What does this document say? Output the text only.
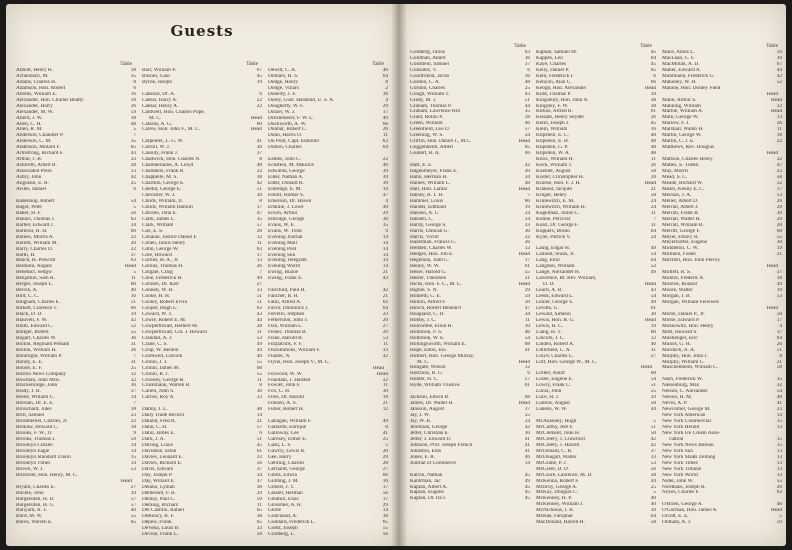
Guests
Table
Abbott, Henry H.	18
Achenbach, M.	35
Adams, Charles H.	8
Adamson, Hon. Robert	6
Ahrens, William E.	16
Alexander, Hon. Charles Beatty	18
Alexander, Harry	26
Alexander, M. W.	59
Allerd, J. W.	18
Allen, C. H.	48
Allen, R. M.	5
Anderson, Chandler P.	7
Anderson, C. M.	35
Anderson, Millard F.	65
Armstrong, Richard F.	43
Arthur, J. B.	33
Ashforth, Albert B.	28
Associated Press	13
Asbry, John	42
Augustin, E. R.	25
Aviles, Ismael	6

Badenhop, Robert	54
Bagot, Peter	5
Baker, H. F.	56
Bannis, Thomas J.	62
Barber, Edward J.	34
Barbour, H. H.	60
Barnes, Morris A.	22
Barrett, William M.	20
Barry, Charles D.	22
Barth, H.	37
Beach, H. Prescott	63
Belmont, August	Head
Benedict, Sedgw	5
Benjamin, Sam R.	11
Berger, Joseph L.	60
Bercik, A.	40
Bird, C. C.	16
Bingham, Charles E.	51
Birkett, Clarence T.	66
Black, D. D.	19
Blauvelt, F. W.	42
Blum, Edward C.	52
Bottger, Robert	55
Bogart, Charles W.	36
Bolton, Reginald Pelham	31
Bolton, William H.	26
Bonbright, William P.	7
Bondy, E. E.	31
Boone, E. F.	25
Boston News Company	12
Bowman, John McE.	32
Brackenridge, John	36
Brady, J. R.	37
Breed, William C.	14
Bressan, Dr. E. E.	7
Brouchard, Jules	18
Brill, Samuel	23
Brodmerkel, Charles, Jr.	22
Brokaw, Howard C.	18
Brooks, F. W., Jr.	9
Brooks, Thomas J.	59
Brooklyn Citizen	14
Brooklyn Eagle	14
Brooklyn Standard Union	15
Brooklyn Times	14
Brown, W. J.	53
Bruckner, Hon. Henry, M. C.
Head
Bryant, Charles E.	27
Buckle, John	39
Burgelsiten, H. D.	57
Burgelsiten, H. G.	57
Bunyard, A. T.	40
Burd, M. W.	55
Burns, Warren E.	65
Table
Barr, William P.	67
Busoni, Gaio	45
Byrne, Joseph	19

Cabezas, Dr. A.	6
Caesar, Harry A.	22
Caesar, Henry A.	22
Caldwell, Hon. Charles Pope,
M. C.	Head
Calkins, A. G.	60
Carew, Hon. John F., M. C.	Head

Carpenter, L. G. W.	41
Carroll, W. J.	39
Cassidy, Frank J.	37
Chadwick, Hon. Charles N.	8
Chamberlaine, A. Lloyd	48
Chambers, Frank R.	22
Chappelle, M. S.	38
Charlton, George E.	42
Chedid, George E.	51
Chevalier, W. J.	39
Childs, William, Jr.	8
Childs, William Hamlin	17
Christie, John E.	47
Clark, James L.	35
Clark, William	57
Coe, E. S.	28
Cohalan, Justice Daniel F.	12
Cohen, Julius Henry	11
Cohn, George W.	63
Cole, Howard	17
Collins, H. A., Jr.	33
Collins, Thomas H.	26
Colgate, Craig	7
Cone, Frederick H.	49
Connell, Dr. Karl	27
Connell, W. H.	33
Cooke, H. H.	51
Cooley, Robert Ervin	51
Cooper, Hugh L.	63
Coward, W. T.	43
Cowie, Robert E. M.	44
Cowperthwait, Herbert M.	28
Cowperthwait, Col. J. Howard	11
Crandall, A. J.	53
Crane, C. S.	49
Crisp, W. Benton	44
Cromwell, Lincoln	40
Cronin, J. J.	55
Cronin, James M.	68
Cronin, R. J.	55
Crossley, George R.	11
Cruikshank, Warren R.	8
Cullen, John S.	30
Curtiss, Roy A.	33

Dabby, J. L.	48
Daily Trade Record	14
Daland, Fred R.	21
Dann, C. H.	57
Dann, James E.	6
Dark, J. A.	51
Darling, Louis	45
Davidson, Elton	61
Davies, Leonard E.	23
Davies, Richard E.	56
Davis, Edward	37
Day, Joseph P.	34
Day, Willard E.	37
Delano, Lyman	38
Delberard, F. B.	29
Delnay, Paul C.	59
Deming, Richard	11
Del Castillo, Rafael	65
DeRoncy, B. F.	38
Depew, Frank	65
DeVena, Louis B.	33
Devine, Frank L.	58
Table
Dewitt, C. A.	46
Dilmars, H. S.	64
Dodge, Henry	8
Dodge, Villars	2
Doherty, J. F.	38
Dorey, Gust. Halstead, U. S. A.	4
Dougherty, W. F.	29
Dozier, W. J.	17
Drexlemeier, F. W. L.	49
Duckworth, A. W.	66
Dunbar, Robert C.	26
Dunn, Harris O.	11
Du Pont, Capt. Edmond	63
Dutton, Charles	64

Eames, John C.	22
Eckstein, M. Maurice	46
Edwards, George	39
Eider, Nathan A.	39
Elder, Donald H.	39
Eldredge, E. M.	19
Elliott, Homer S.	47
Emerson, Dr. Haven	4
Erskine, J. Lowe	49
Erwin, Arthur	29
Ethridge, George	30
Evans, W. E.	35
Evans, W. Trent	9
Evening Journal	14
Evening Mail	14
Evening Post	14
Evening Sun	14
Evening Telegram	14
Evening World	14
Ewing, Blaine	21
Ewing, Frank E.	43

Fairchild, Paul H.	42
Fancher, B. H.	21
Fanil, Alfred A.	62
Favor, Dominick J.	64
Ferrello, Stephen	23
Fetherston, John T.	20
Fish, William L.	27
Fisher, Thomas B.	20
Fiske, Harold B.	53
Fitzpatrick, F. F.	11
Fitzsimmons, William F.	33
Flanter, N.	42
Flynn, Hon. Joseph V., M. C.
Head
Forwood, W. W.	Head
Fountain, J. Halsted	22
Fowler, John F.	11
Fox, C. H.	30
Fries, Dr. Harold	18
Friesell, A. S.	21
Fuller, Robert H.	12

Gabagan, William F.	49
Gallardo, Enrique	6
Galloway, Lee	41
Garnsey, Elmer E.	25
Gash, L. S.	5
Gawtry, Lewis B.	20
Gee, Harry	29
Gehring, Charles	28
Gerhardt, George	27
Gibbs, Edwin	66
Gidding, J. M.	16
Gilbert, J. T.	17
Glasier, Herman	56
Gledhill, Elias	17
Glossmer, A. H.	29
Globe	14
Godchaud, A.	38
Goddard, Frederick L.	65
Goetz, Joseph	55
Goldberg, L.	56
Table
Goldberg, Julius	63
Goldman, Albert	36
Goldstein, Samuel	37
Gonzalez, V.	6
Goodfriend, Jacob	16
Gordon, C. A.	48
Gordon, Charles	25
Gough, William T.	43
Grady, M. J.	51
Graham, Thomas P.	44
Graham, Lawrence Hill	35
Grant, Rollin P.	18
Green, William	46
Greenfield, Leo D.	57
Greening, W. S.	34
Griffin, Hon. Daniel J., M.C.	Head
Guggenheim, Albert	65
Guntert, R. A.	46

Haff, E. E.	42
Hagenmeyer, Frank E.	20
Hahn, Herman H.	34
Haines, William L.	48
Hall, Hon. Lamar	Head
Halsey, R. T. H.	7
Hammer, Louis	60
Handel, Edmund	19
Hansen, A. C.	24
Hansen, C.	24
Hardy, George S.	33
Harris, Duncan G.	30
Harris, Victor	22
Hazelman, Francis G.	26
Hedden, Charles W.	12
Hedges, Hon. Job E.	Head
Hegeman, John C.	17
Heinly, W. W.	61
Hesse, Harold G.	55
Hester, Theodore	21
Hicks, Hon. F. C., M. C.	Head
Higbie, S. N.	29
Hildreth, C. E.	59
Hinton, Alfred F.	50
Hirsch, Robert Benedict	47
Hoagland, C. D.	34
Hobby, J. C.	11
Holcombe, Elliot H.	10
Holbrook, F. S.	46
Holbrook, W. E.	54
Hollingsworth, William E.	68
Hope, Elton, Jno.	41
Hulbert, Hon. George Murray,
M. C.	Head
Hungate, Wilson	12
Hutchins, R. G.	6
Hunter, H. C.	57
Hyde, William Truslow	61

Jackson, Edwin B.	68
James, Dr. Walter B.	Head
Jansson, August	37
Jay, J. W.	55
Jay, W. B.	24
Jeremiah, George	42
Jetter, Christian E.	30
Jetter, J. Edward Jr.	41
Johnson, Prof. Joseph French	41
Johnston, Ellis	41
Jones, E. R.	46
Journal of Commerce	14

Kalvin, Nathan	45
Kantrman, Jac	49
Kaplan, Albert A.	45
Kaplan, Eugene	45
Kaplan, Dr. Ira I.	45
Table
Kaplan, Samuel M.	45
Kappes, Leo	64
Kaye, Charles	45
Kelly, Daniel P.	65
Kent, Frederick I.	6
Kenyon, Alan C.	66
Keogh, Hon. Alexander	Head
Kidd, Thomas P.	39
Kingsbury, Hon. John A.	38
Kingsley, F. W.	38
Kirkus, Alfred R.	61
Kissam, Henry Snyder	26
Klein, Joseph J.	45
Klein, William	16
Klipstein, E. C.	48
Klipstein, E. H.	48
Klipstein, G. P.	48
Klipstein, W. A.	48
Knox, William H.	11
Kock, William T.	26
Koehler, August	58
Koster, Christopher H.	39
Kracke, Hon. F. J. H.	Head
Krakeur, Jacques	21
Kruger, Henry	58
Krulewitch, E. M.	24
Krulewitch, William H.	24
Kugelman, Julius C.	31
Kuhne, Percival	7
Kunz, Dr. George F.	31
Kuppers, Bruno	64
Kyne, Patrick V.	24

Laing, Edgar H.	49
Lamont, Shian, Jr.	54
Lang, Emil	64
Langdon, William	52
Lange, Alexander H.	49
Lawrence, Rt. Rev. William,
D. D.	Head
Leach, A. B.	43
Leeds, Edward L.	54
Leiner, George S.	49
Levitte, G.	61
Lewald, Simeon	30
Lewis, Hon. B. G.	Head
Lewis, H. C.	19
Liang, H. T.	60
Lincoln, J. C.	12
Linden, Robert A.	40
Littlefield, C. A.	31
Lloyd, Charles C.	27
Loft, Hon. George W., M. C.
Head
Lorber, Adolf	68
Losee, Eugene E.	54
Lowry, Frank C.	51
Lucas, John	55
Luce, H. J.	29
Ludlow, August	58
Lukens, W. W.	44

McAnanney, Hugh	5
McCarthy, Jere F.	51
McClement, John H.	50
McCreery, J. Crawford	42
McCreery, J. Harold	42
McDonald, C. B.	37
McDougall, Walter	33
McGrane, P. J.	53
McGreer, D. D.	56
McGuire, Laurence, M. D.	28
McKenna, Robert F.	44
McIlroy, George A.	25
McKay, Douglas C.	5
McKenney, H. P.	40
McKenney, William J.	40
McNicholas, J. B.	39
McRae, Farquhar	64
MacDonald, Harold H.	58
Table
Mace, Amos L.	59
MacLean, C. F.	10
MacMillan, A. D.	67
Maher, Edward A.	44
Muhlmann, Frederick G.	42
Mahoney, W. H.	52
Malone, Hon. Dudley Field
Head
Mann, Arthur S.	Head
Manning, William	12
Marble, William A.	Head
Mark, George W.	13
Marlow, F. J.	26
Marshall, Waldo H.	11
Martin, George W.	18
Martin, C. J. E.	22
Matthews, Rev. Douglas
Head
Mattson, Charles Henry	32
Mattes, E. Tilden	47
May, Morris	23
Mead, S. C.	58
Meade, Richard W.	32
Mears, Kenny E. C.	17
Mechan, J. A.	53
Meller, Albert D.	26
Merrall, Albert J.	29
Merrall, Frank R.	30
Merrall, Walter H.	29
Merrall, William B.	30
Merritt, George F.	68
Meyer, Emory R.	55
Meyerhoffer, Eugene	30
Middleton, C. W.	19
Milliken, Foster	21
Mitchell, Hon. John Purroy
Head
Moffett, R. S.	37
Molitor, Frederic A.	18
Monroe, Roland	49
Moore, Walter	19
Morgan, J. B.	53
Morgan, William Fellowes
Head
Morse, Daniel P., Jr.	50
Morse, Edward P.	17
Moskowitz, Hon. Henry	4
Mott, Howard S.	37
Muellenger, Eric	64
Munos, G. H.	26
Murdock, A. A.	51
Murphy, Hon. John J.	8
Murphy, William C.	21
Muschenheim, William C.	58

Nash, Frederick W.	35
Nassenburg, Max	32
Nelson, C. Alexander	54
Nelson, H. M.	48
Nevin, A. P.	41
Newcomer, George M.	23
New York American	14
New York Commercial	15
New York Herald	13
New York Ice Cream Asso-
ciation	15
New York News Bureau	15
New York Sun	13
New York Staats Zeitung	13
New York Times	13
New York Tribune	13
New York World	13
Nidel, John W.	55
Nordhaus, Joseph R.	20
Noyes, Charles F.	63

O'Brien, George A.	46
O'Gorman, Hon. James A.	Head
Orcott, E. E.	5
Oldham, A. J.	59
